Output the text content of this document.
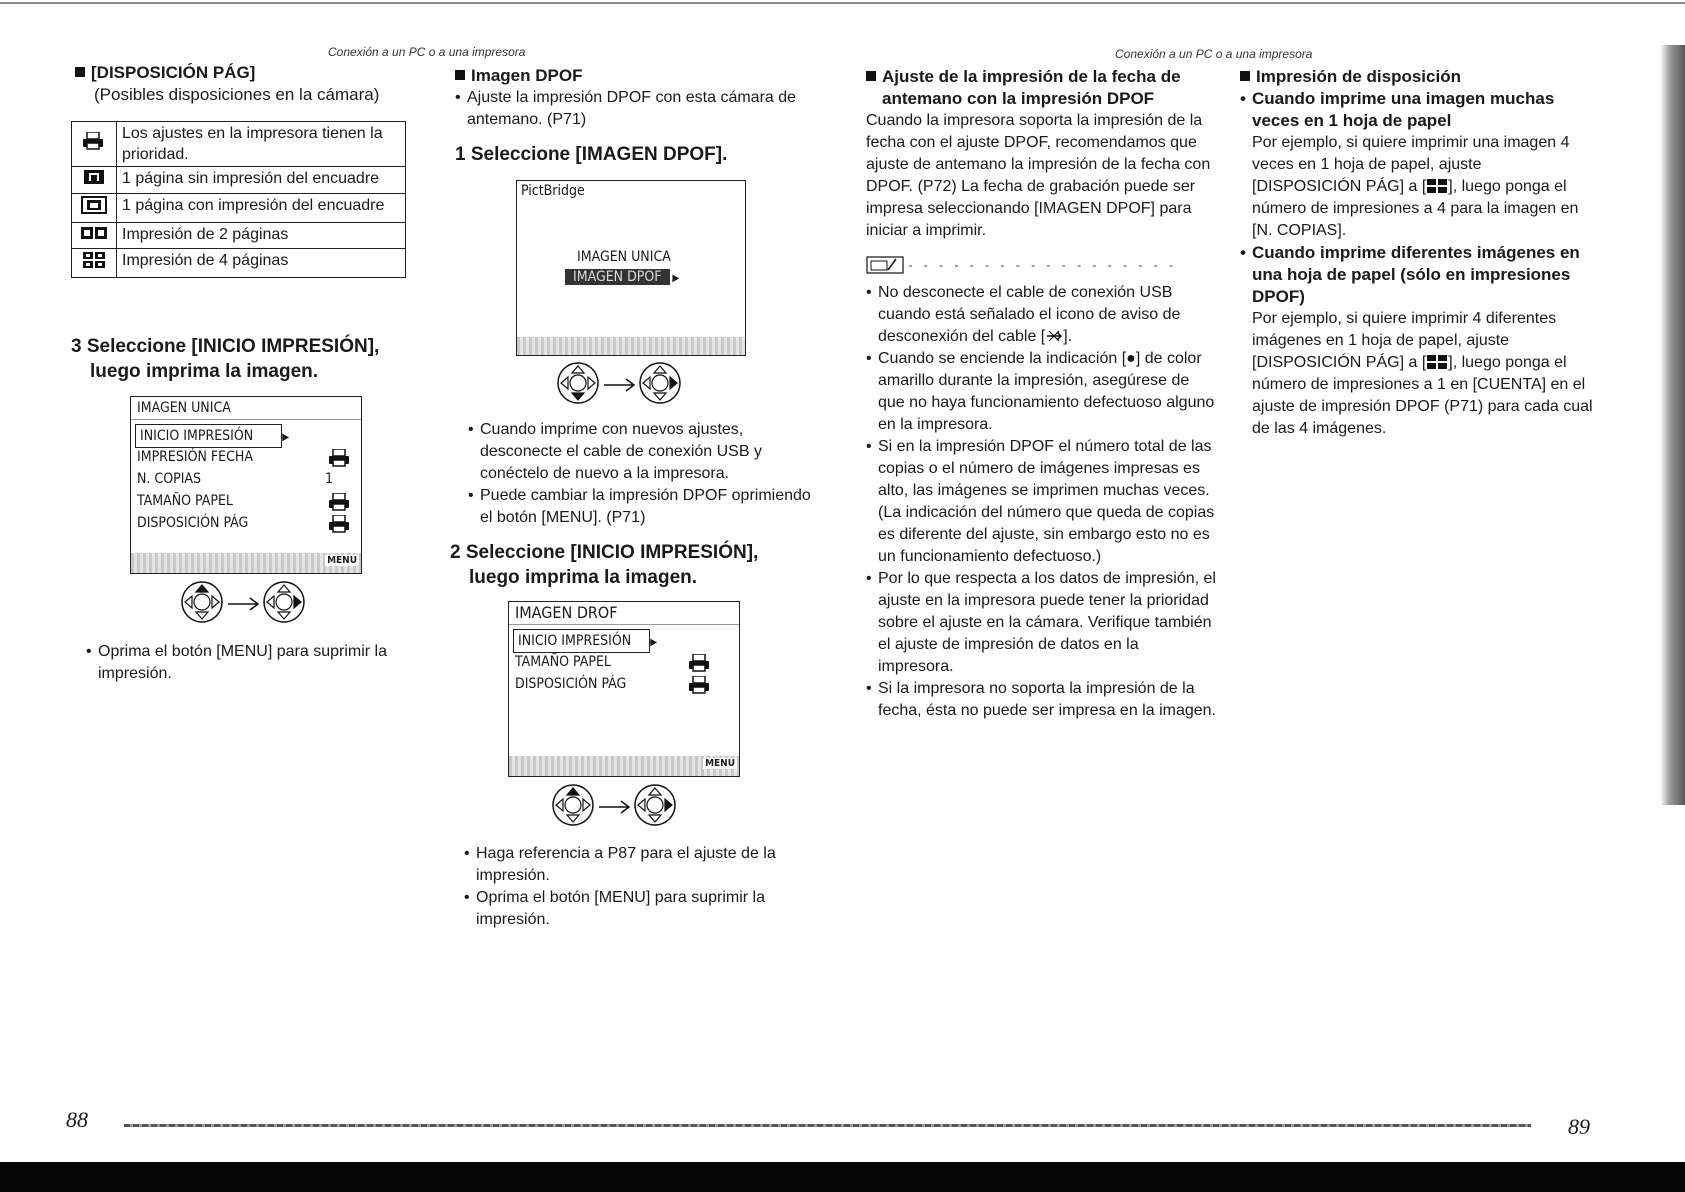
Conexión a un PC o a una impresora	Conexión a un PC o a una impresora
[DISPOSICIÓN PÁG]

(Posibles disposiciones en la cámara)

	Los ajustes en la impresora tienen la prioridad.
	1 página sin impresión del encuadre
	1 página con impresión del encuadre
	Impresión de 2 páginas
	Impresión de 4 páginas
3 Seleccione [INICIO IMPRESIÓN],
luego imprima la imagen.
IMAGEN UNICA
INICIO IMPRESIÓN	▶
IMPRESIÓN FECHA
N. COPIAS	1
TAMAÑO PAPEL
DISPOSICIÓN PÁG
MENU

• Oprima el botón [MENU] para suprimir la impresión.

Imagen DPOF

• Ajuste la impresión DPOF con esta cámara de antemano. (P71)

1 Seleccione [IMAGEN DPOF].
PictBridge
IMAGEN UNICA
IMAGEN DPOF ▶

• Cuando imprime con nuevos ajustes, desconecte el cable de conexión USB y conéctelo de nuevo a la impresora.

• Puede cambiar la impresión DPOF oprimiendo el botón [MENU]. (P71)

2 Seleccione [INICIO IMPRESIÓN],
luego imprima la imagen.
IMAGEN DROF
INICIO IMPRESIÓN ▶
TAMAÑO PAPEL
DISPOSICIÓN PÁG
MENU

• Haga referencia a P87 para el ajuste de la impresión.

• Oprima el botón [MENU] para suprimir la impresión.

Ajuste de la impresión de la fecha de
antemano con la impresión DPOF

Cuando la impresora soporta la impresión de la fecha con el ajuste DPOF, recomendamos que ajuste de antemano la impresión de la fecha con DPOF. (P72) La fecha de grabación puede ser impresa seleccionando [IMAGEN DPOF] para iniciar a imprimir.

- - - - - - - - - - - - - - - - - -

• No desconecte el cable de conexión USB cuando está señalado el icono de aviso de desconexión del cable [ ].

• Cuando se enciende la indicación [●] de color amarillo durante la impresión, asegúrese de que no haya funcionamiento defectuoso alguno en la impresora.

• Si en la impresión DPOF el número total de las copias o el número de imágenes impresas es alto, las imágenes se imprimen muchas veces. (La indicación del número que queda de copias es diferente del ajuste, sin embargo esto no es un funcionamiento defectuoso.)

• Por lo que respecta a los datos de impresión, el ajuste en la impresora puede tener la prioridad sobre el ajuste en la cámara. Verifique también el ajuste de impresión de datos en la impresora.

• Si la impresora no soporta la impresión de la fecha, ésta no puede ser impresa en la imagen.

Impresión de disposición

• Cuando imprime una imagen muchas veces en 1 hoja de papel

Por ejemplo, si quiere imprimir una imagen 4 veces en 1 hoja de papel, ajuste [DISPOSICIÓN PÁG] a [ ], luego ponga el número de impresiones a 4 para la imagen en [N. COPIAS].

• Cuando imprime diferentes imágenes en una hoja de papel (sólo en impresiones DPOF)

Por ejemplo, si quiere imprimir 4 diferentes imágenes en 1 hoja de papel, ajuste [DISPOSICIÓN PÁG] a [ ], luego ponga el número de impresiones a 1 en [CUENTA] en el ajuste de impresión DPOF (P71) para cada cual de las 4 imágenes.

88	89
